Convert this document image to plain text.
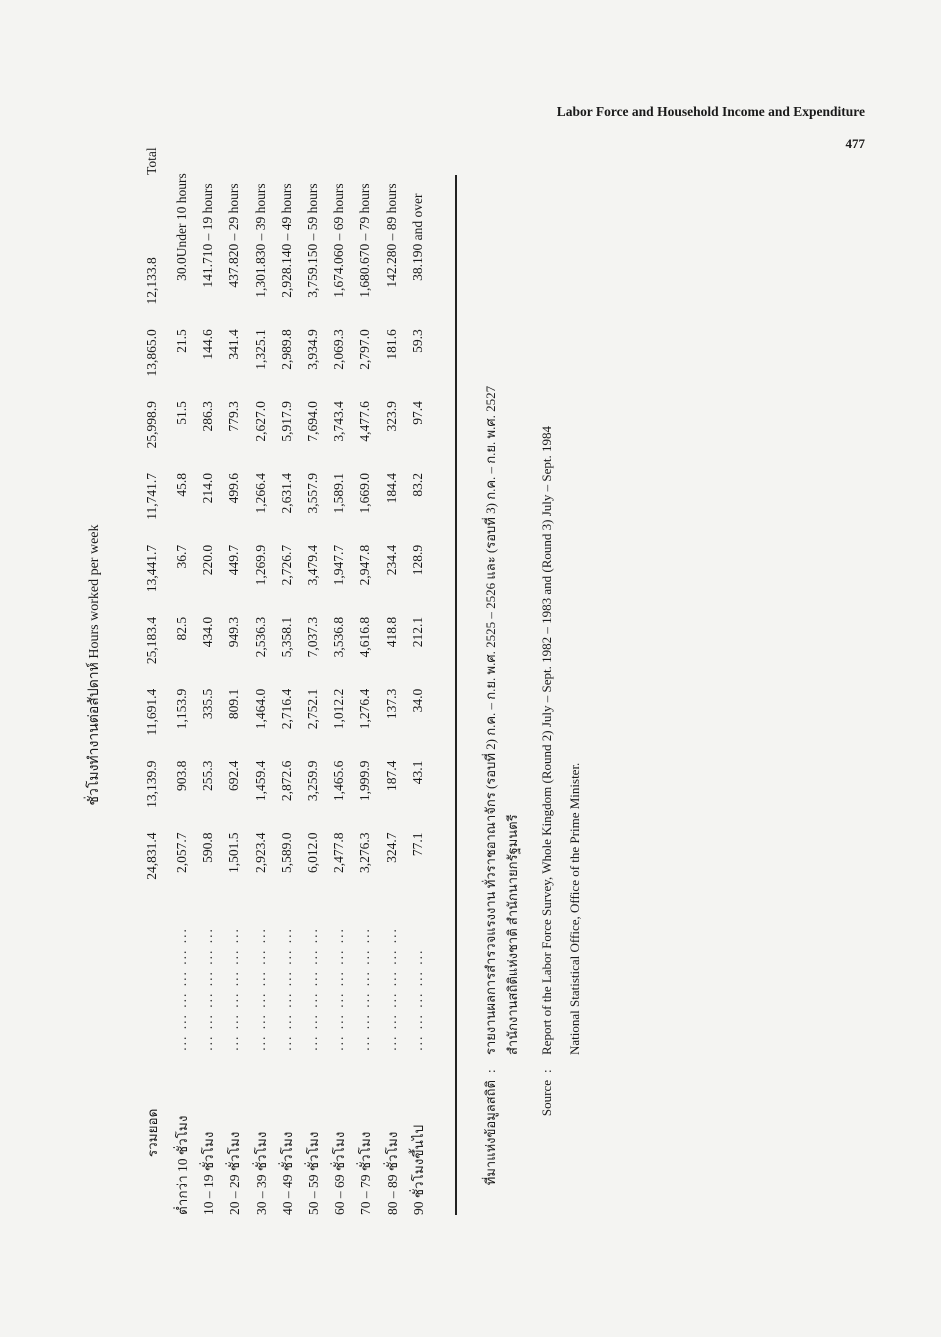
Labor Force and Household Income and Expenditure
477
ชั่วโมงทำงานต่อสัปดาห์ Hours worked per week
รวมยอด		24,831.4	13,139.9	11,691.4	25,183.4	13,441.7	11,741.7	25,998.9	13,865.0	12,133.8	Total
ต่ำกว่า 10 ชั่วโมง	... ... ... ... ... ...	2,057.7	903.8	1,153.9	82.5	36.7	45.8	51.5	21.5	30.0	Under 10 hours
10 – 19 ชั่วโมง	... ... ... ... ... ...	590.8	255.3	335.5	434.0	220.0	214.0	286.3	144.6	141.7	10 – 19 hours
20 – 29 ชั่วโมง	... ... ... ... ... ...	1,501.5	692.4	809.1	949.3	449.7	499.6	779.3	341.4	437.8	20 – 29 hours
30 – 39 ชั่วโมง	... ... ... ... ... ...	2,923.4	1,459.4	1,464.0	2,536.3	1,269.9	1,266.4	2,627.0	1,325.1	1,301.8	30 – 39 hours
40 – 49 ชั่วโมง	... ... ... ... ... ...	5,589.0	2,872.6	2,716.4	5,358.1	2,726.7	2,631.4	5,917.9	2,989.8	2,928.1	40 – 49 hours
50 – 59 ชั่วโมง	... ... ... ... ... ...	6,012.0	3,259.9	2,752.1	7,037.3	3,479.4	3,557.9	7,694.0	3,934.9	3,759.1	50 – 59 hours
60 – 69 ชั่วโมง	... ... ... ... ... ...	2,477.8	1,465.6	1,012.2	3,536.8	1,947.7	1,589.1	3,743.4	2,069.3	1,674.0	60 – 69 hours
70 – 79 ชั่วโมง	... ... ... ... ... ...	3,276.3	1,999.9	1,276.4	4,616.8	2,947.8	1,669.0	4,477.6	2,797.0	1,680.6	70 – 79 hours
80 – 89 ชั่วโมง	... ... ... ... ... ...	324.7	187.4	137.3	418.8	234.4	184.4	323.9	181.6	142.2	80 – 89 hours
90 ชั่วโมงขึ้นไป	... ... ... ... ...	77.1	43.1	34.0	212.1	128.9	83.2	97.4	59.3	38.1	90 and over
ที่มาแห่งข้อมูลสถิติ
:
รายงานผลการสำรวจแรงงาน ทั่วราชอาณาจักร (รอบที่ 2) ก.ค. – ก.ย. พ.ศ. 2525 – 2526 และ (รอบที่ 3) ก.ค. – ก.ย. พ.ศ. 2527 สำนักงานสถิติแห่งชาติ สำนักนายกรัฐมนตรี
Source
:
Report of the Labor Force Survey, Whole Kingdom (Round 2) July – Sept. 1982 – 1983 and (Round 3) July – Sept. 1984	National Statistical Office, Office of the Prime Minister.
